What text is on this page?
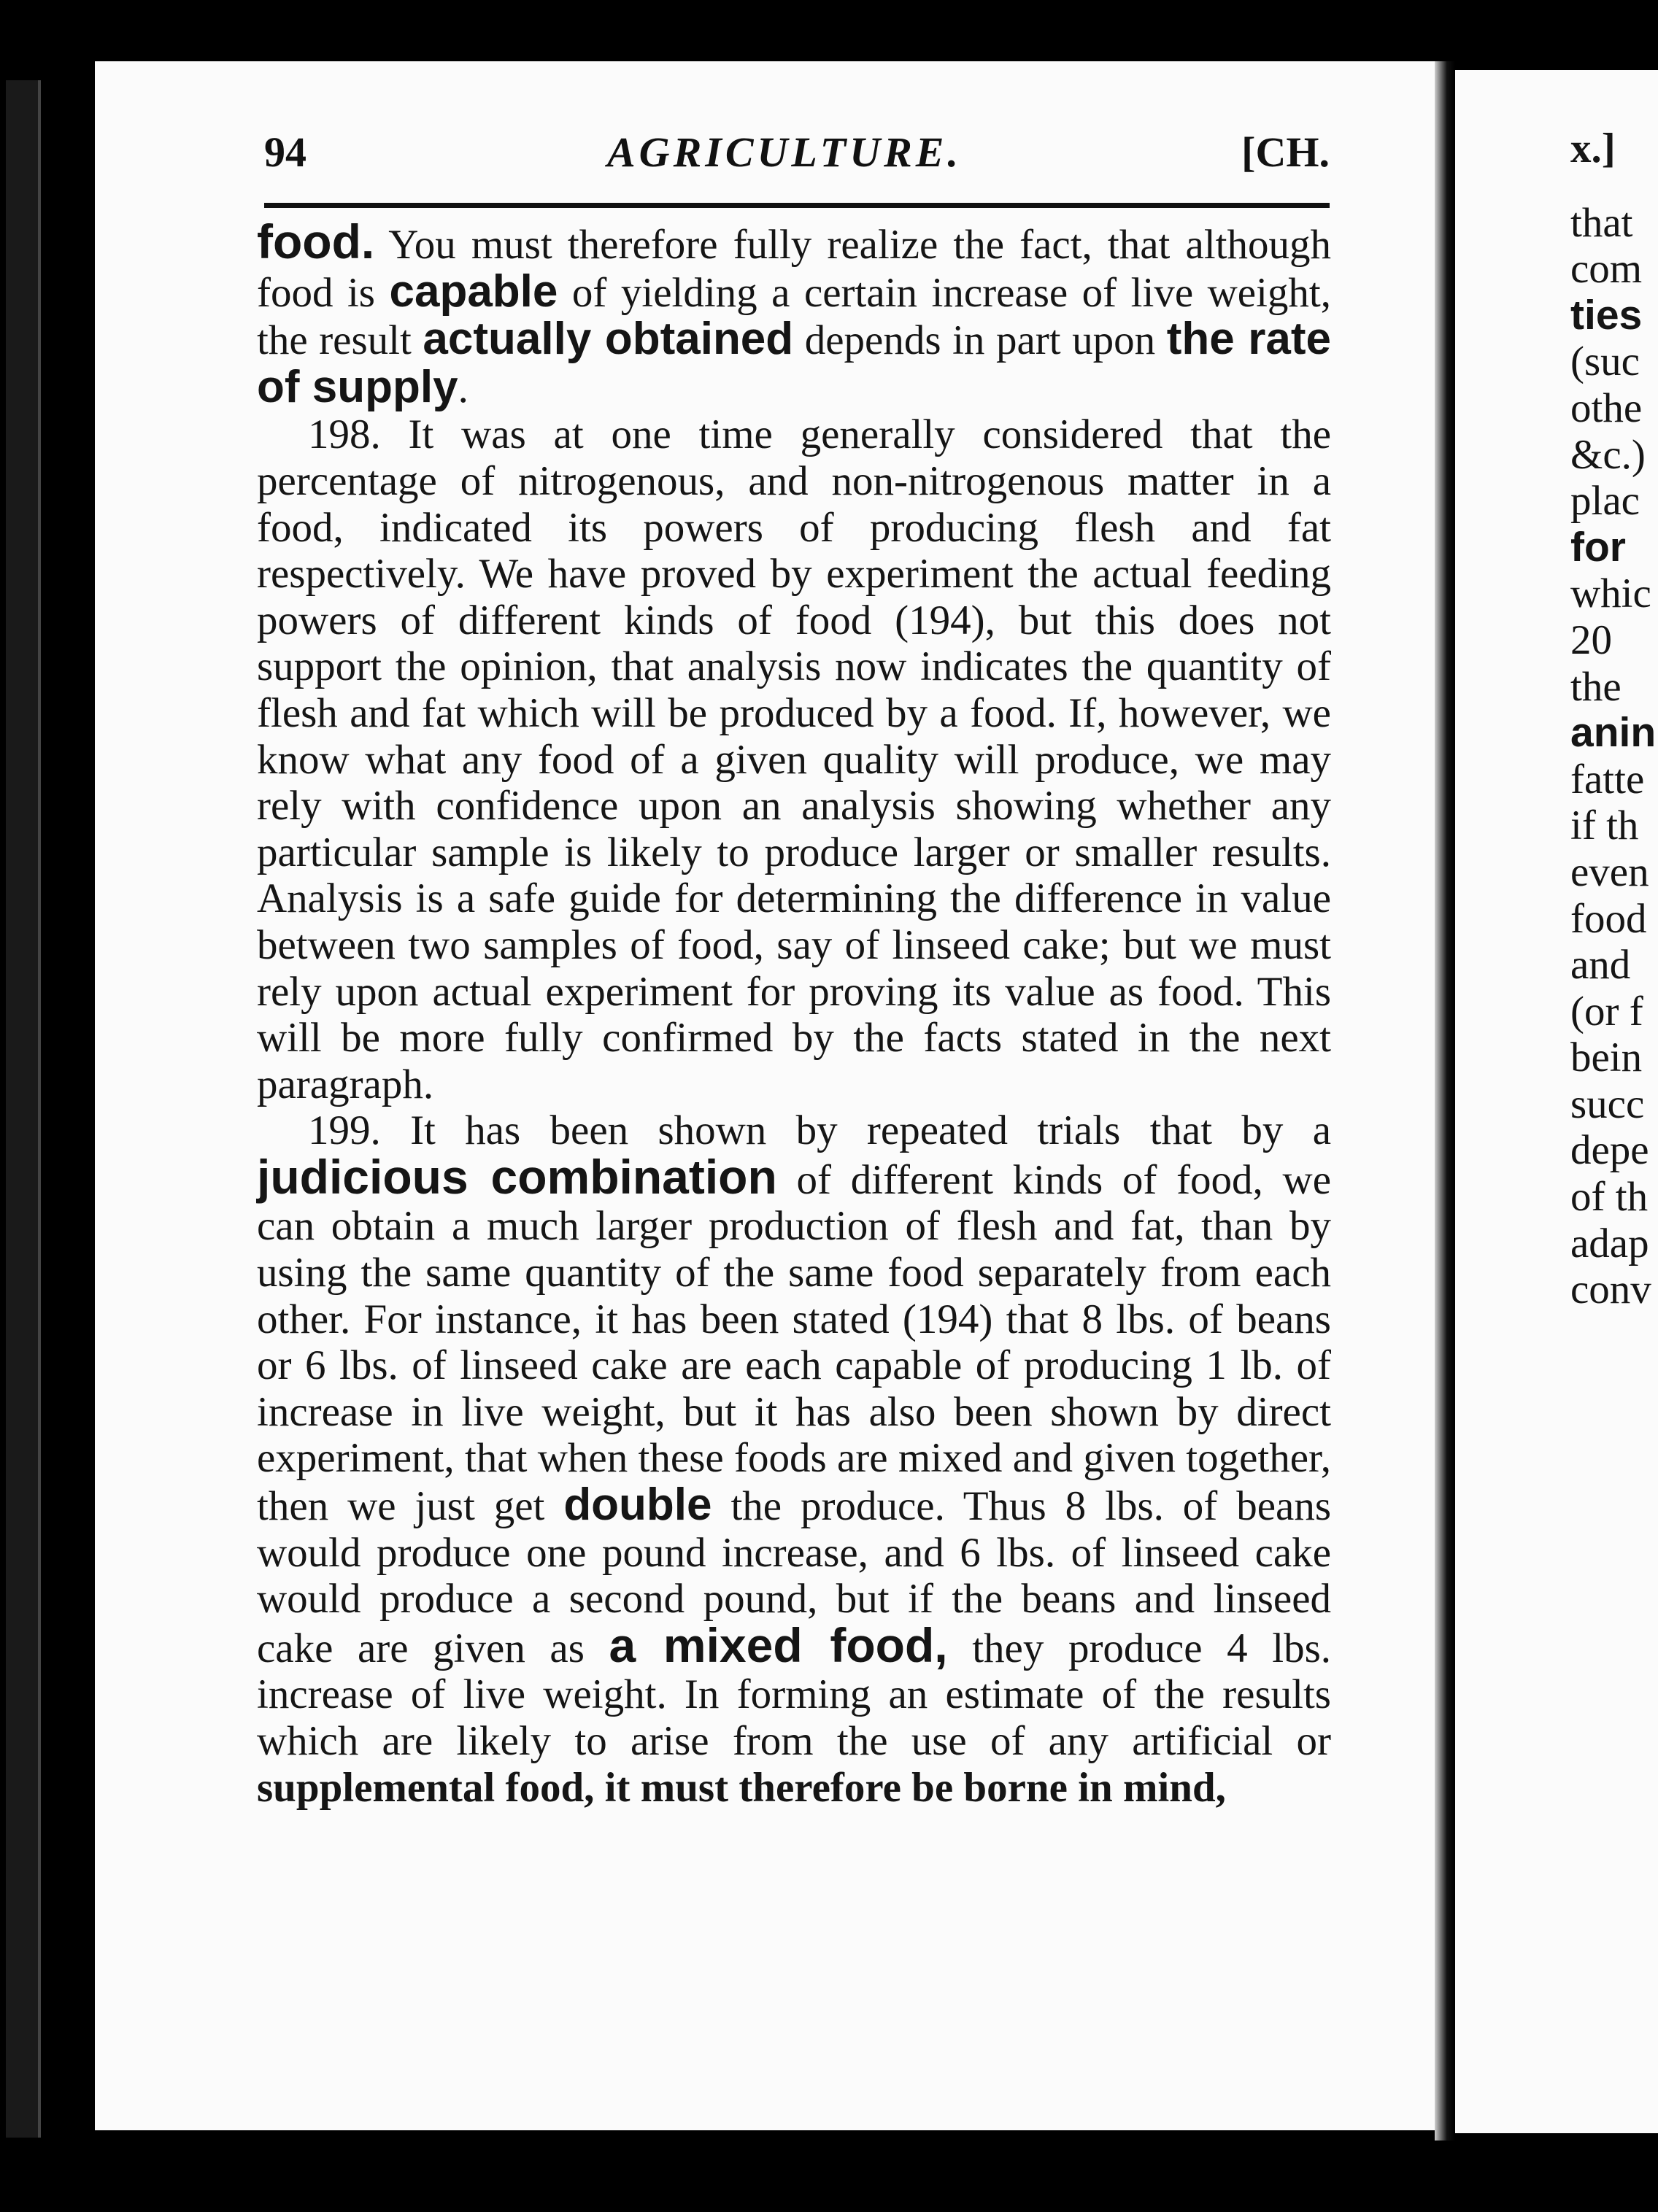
94	AGRICULTURE.	[CH.

food. You must therefore fully realize the fact, that although food is capable of yielding a certain increase of live weight, the result actually obtained depends in part upon the rate of supply.

198. It was at one time generally considered that the percentage of nitrogenous, and non-nitrogenous matter in a food, indicated its powers of producing flesh and fat respectively. We have proved by experiment the actual feeding powers of different kinds of food (194), but this does not support the opinion, that analysis now indicates the quantity of flesh and fat which will be produced by a food. If, however, we know what any food of a given quality will produce, we may rely with confidence upon an analysis showing whether any particular sample is likely to produce larger or smaller results. Analysis is a safe guide for determining the difference in value between two samples of food, say of linseed cake; but we must rely upon actual experiment for proving its value as food. This will be more fully confirmed by the facts stated in the next paragraph.

199. It has been shown by repeated trials that by a judicious combination of different kinds of food, we can obtain a much larger production of flesh and fat, than by using the same quantity of the same food separately from each other. For instance, it has been stated (194) that 8 lbs. of beans or 6 lbs. of linseed cake are each capable of producing 1 lb. of increase in live weight, but it has also been shown by direct experiment, that when these foods are mixed and given together, then we just get double the produce. Thus 8 lbs. of beans would produce one pound increase, and 6 lbs. of linseed cake would produce a second pound, but if the beans and linseed cake are given as a mixed food, they produce 4 lbs. increase of live weight. In forming an estimate of the results which are likely to arise from the use of any artificial or supplemental food, it must therefore be borne in mind,

x.]
that
com
ties
(suc
othe
&c.)
plac
for
whic
20
the
anin
fatte
if th
even
food
and
(or f
bein
succ
depe
of th
adap
conv
